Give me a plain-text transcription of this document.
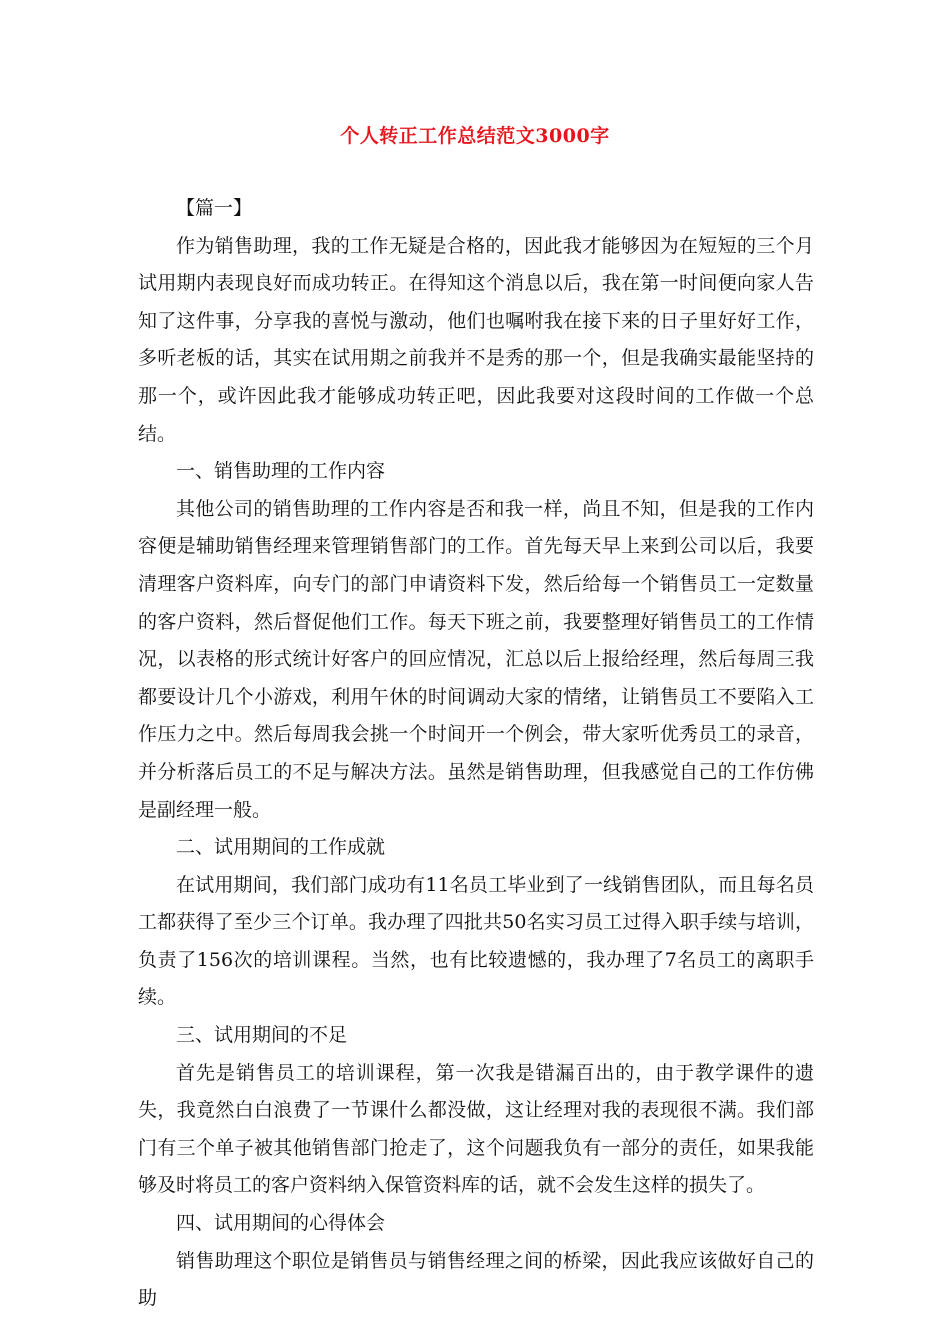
个人转正工作总结范文3000字

【篇一】

作为销售助理，我的工作无疑是合格的，因此我才能够因为在短短的三个月试用期内表现良好而成功转正。在得知这个消息以后，我在第一时间便向家人告知了这件事，分享我的喜悦与激动，他们也嘱咐我在接下来的日子里好好工作，多听老板的话，其实在试用期之前我并不是秀的那一个，但是我确实最能坚持的那一个，或许因此我才能够成功转正吧，因此我要对这段时间的工作做一个总结。

一、销售助理的工作内容

其他公司的销售助理的工作内容是否和我一样，尚且不知，但是我的工作内容便是辅助销售经理来管理销售部门的工作。首先每天早上来到公司以后，我要清理客户资料库，向专门的部门申请资料下发，然后给每一个销售员工一定数量的客户资料，然后督促他们工作。每天下班之前，我要整理好销售员工的工作情况，以表格的形式统计好客户的回应情况，汇总以后上报给经理，然后每周三我都要设计几个小游戏，利用午休的时间调动大家的情绪，让销售员工不要陷入工作压力之中。然后每周我会挑一个时间开一个例会，带大家听优秀员工的录音，并分析落后员工的不足与解决方法。虽然是销售助理，但我感觉自己的工作仿佛是副经理一般。

二、试用期间的工作成就

在试用期间，我们部门成功有11名员工毕业到了一线销售团队，而且每名员工都获得了至少三个订单。我办理了四批共50名实习员工过得入职手续与培训，负责了156次的培训课程。当然，也有比较遗憾的，我办理了7名员工的离职手续。

三、试用期间的不足

首先是销售员工的培训课程，第一次我是错漏百出的，由于教学课件的遗失，我竟然白白浪费了一节课什么都没做，这让经理对我的表现很不满。我们部门有三个单子被其他销售部门抢走了，这个问题我负有一部分的责任，如果我能够及时将员工的客户资料纳入保管资料库的话，就不会发生这样的损失了。

四、试用期间的心得体会

销售助理这个职位是销售员与销售经理之间的桥梁，因此我应该做好自己的助
